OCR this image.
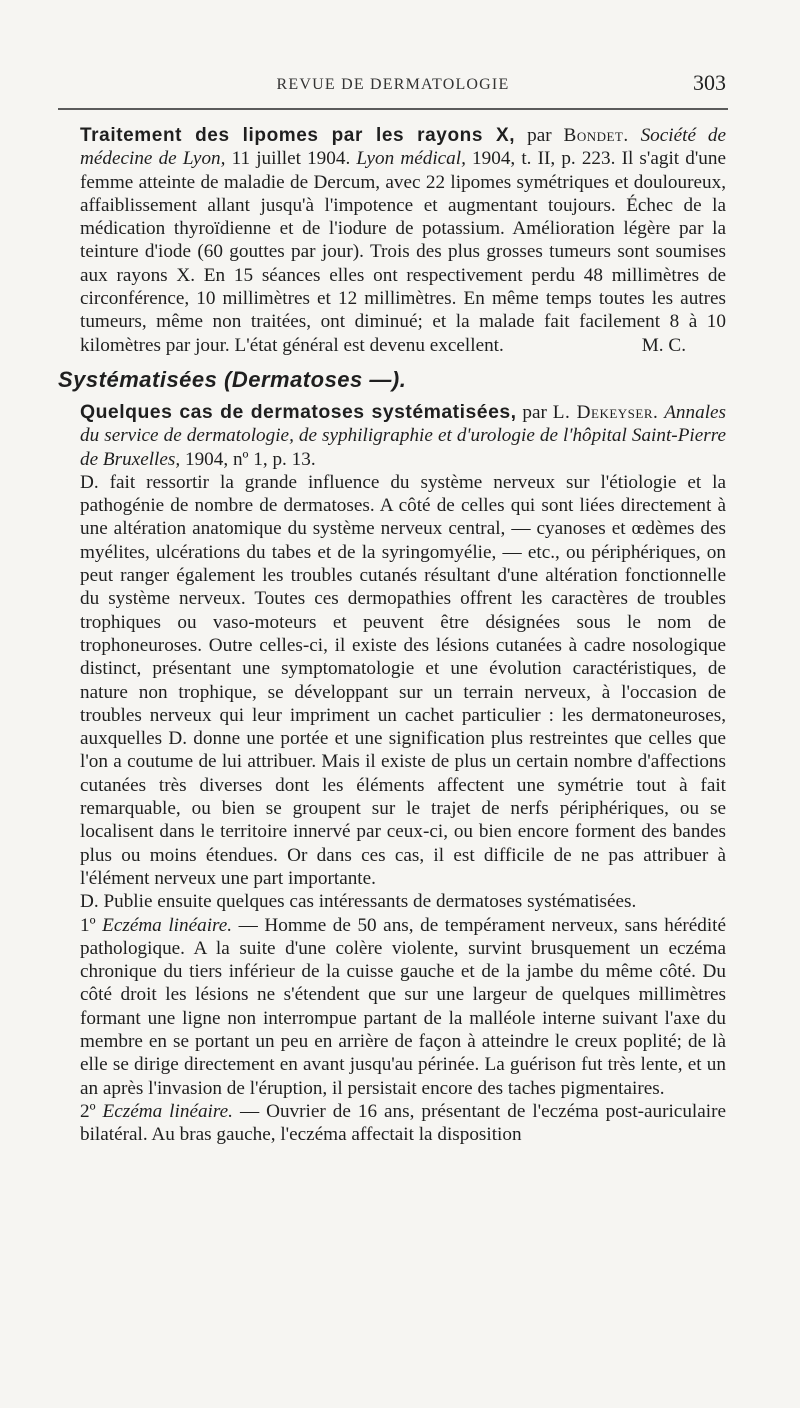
REVUE DE DERMATOLOGIE	303

Traitement des lipomes par les rayons X, par Bondet. Société de médecine de Lyon, 11 juillet 1904. Lyon médical, 1904, t. II, p. 223. Il s'agit d'une femme atteinte de maladie de Dercum, avec 22 lipomes symétriques et douloureux, affaiblissement allant jusqu'à l'impotence et augmentant toujours. Échec de la médication thyroïdienne et de l'iodure de potassium. Amélioration légère par la teinture d'iode (60 gouttes par jour). Trois des plus grosses tumeurs sont soumises aux rayons X. En 15 séances elles ont respectivement perdu 48 millimètres de circonférence, 10 millimètres et 12 millimètres. En même temps toutes les autres tumeurs, même non traitées, ont diminué; et la malade fait facilement 8 à 10 kilomètres par jour. L'état général est devenu excellent.	M. C.

Systématisées (Dermatoses —).

Quelques cas de dermatoses systématisées, par L. Dekeyser. Annales du service de dermatologie, de syphiligraphie et d'urologie de l'hôpital Saint-Pierre de Bruxelles, 1904, nº 1, p. 13.

D. fait ressortir la grande influence du système nerveux sur l'étiologie et la pathogénie de nombre de dermatoses. A côté de celles qui sont liées directement à une altération anatomique du système nerveux central, — cyanoses et œdèmes des myélites, ulcérations du tabes et de la syringomyélie, — etc., ou périphériques, on peut ranger également les troubles cutanés résultant d'une altération fonctionnelle du système nerveux. Toutes ces dermopathies offrent les caractères de troubles trophiques ou vaso-moteurs et peuvent être désignées sous le nom de trophoneuroses. Outre celles-ci, il existe des lésions cutanées à cadre nosologique distinct, présentant une symptomatologie et une évolution caractéristiques, de nature non trophique, se développant sur un terrain nerveux, à l'occasion de troubles nerveux qui leur impriment un cachet particulier : les dermatoneuroses, auxquelles D. donne une portée et une signification plus restreintes que celles que l'on a coutume de lui attribuer. Mais il existe de plus un certain nombre d'affections cutanées très diverses dont les éléments affectent une symétrie tout à fait remarquable, ou bien se groupent sur le trajet de nerfs périphériques, ou se localisent dans le territoire innervé par ceux-ci, ou bien encore forment des bandes plus ou moins étendues. Or dans ces cas, il est difficile de ne pas attribuer à l'élément nerveux une part importante.

D. Publie ensuite quelques cas intéressants de dermatoses systématisées.

1º Eczéma linéaire. — Homme de 50 ans, de tempérament nerveux, sans hérédité pathologique. A la suite d'une colère violente, survint brusquement un eczéma chronique du tiers inférieur de la cuisse gauche et de la jambe du même côté. Du côté droit les lésions ne s'étendent que sur une largeur de quelques millimètres formant une ligne non interrompue partant de la malléole interne suivant l'axe du membre en se portant un peu en arrière de façon à atteindre le creux poplité; de là elle se dirige directement en avant jusqu'au périnée. La guérison fut très lente, et un an après l'invasion de l'éruption, il persistait encore des taches pigmentaires.

2º Eczéma linéaire. — Ouvrier de 16 ans, présentant de l'eczéma post-auriculaire bilatéral. Au bras gauche, l'eczéma affectait la disposition
